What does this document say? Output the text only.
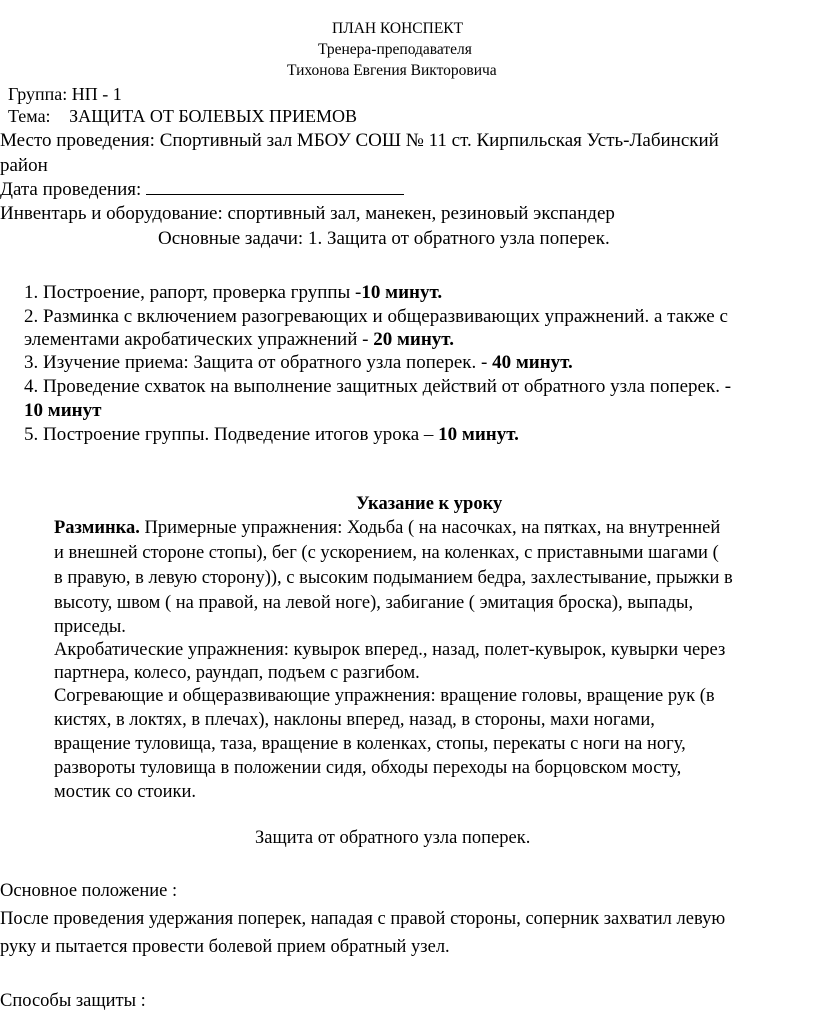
ПЛАН КОНСПЕКТ
Тренера-преподавателя
Тихонова Евгения Викторовича
Группа: НП - 1
Тема: ЗАЩИТА ОТ БОЛЕВЫХ ПРИЕМОВ
Место проведения: Спортивный зал МБОУ СОШ № 11 ст. Кирпильская Усть-Лабинский
район
Дата проведения:
Инвентарь и оборудование: спортивный зал, манекен, резиновый экспандер
Основные задачи: 1. Защита от обратного узла поперек.
1. Построение, рапорт, проверка группы -10 минут.
2. Разминка с включением разогревающих и общеразвивающих упражнений. а также с
элементами акробатических упражнений - 20 минут.
3. Изучение приема: Защита от обратного узла поперек. - 40 минут.
4. Проведение схваток на выполнение защитных действий от обратного узла поперек. -
10 минут
5. Построение группы. Подведение итогов урока – 10 минут.
Указание к уроку
Разминка. Примерные упражнения: Ходьба ( на насочках, на пятках, на внутренней
и внешней стороне стопы), бег (с ускорением, на коленках, с приставными шагами (
в правую, в левую сторону)), с высоким подыманием бедра, захлестывание, прыжки в
высоту, швом ( на правой, на левой ноге), забигание ( эмитация броска), выпады,
приседы.
Акробатические упражнения: кувырок вперед., назад, полет-кувырок, кувырки через
партнера, колесо, раундап, подъем с разгибом.
Согревающие и общеразвивающие упражнения: вращение головы, вращение рук (в
кистях, в локтях, в плечах), наклоны вперед, назад, в стороны, махи ногами,
вращение туловища, таза, вращение в коленках, стопы, перекаты с ноги на ногу,
развороты туловища в положении сидя, обходы переходы на борцовском мосту,
мостик со стоики.
Защита от обратного узла поперек.
Основное положение :
После проведения удержания поперек, нападая с правой стороны, соперник захватил левую
руку и пытается провести болевой прием обратный узел.
Способы защиты :
